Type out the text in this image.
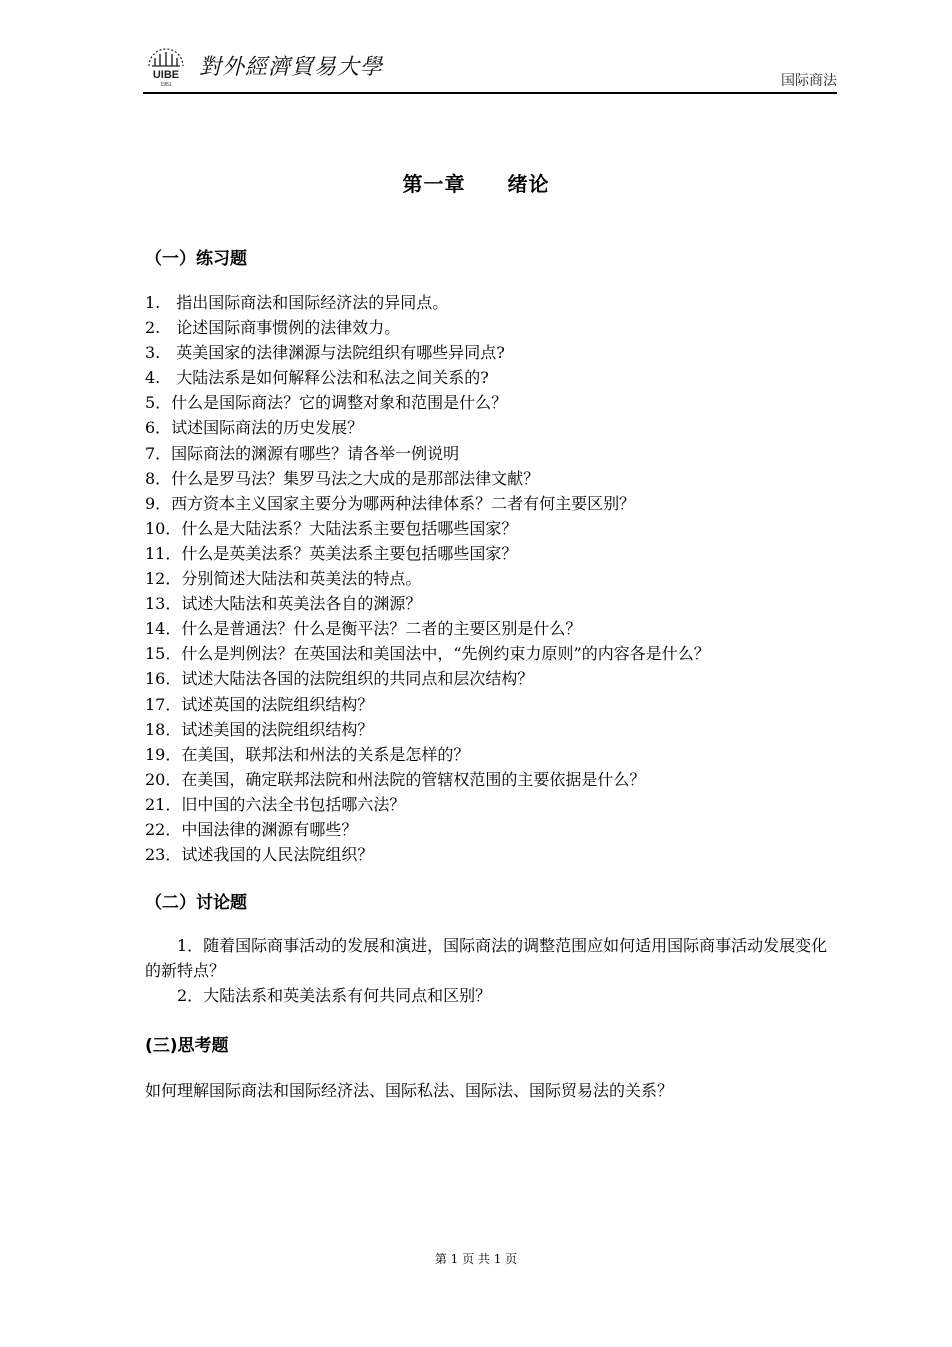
UIBE
1951
對外經濟貿易大學
国际商法
第一章　　绪论
（一）练习题
1.　指出国际商法和国际经济法的异同点。
2.　论述国际商事惯例的法律效力。
3.　英美国家的法律渊源与法院组织有哪些异同点?
4.　大陆法系是如何解释公法和私法之间关系的?
5．什么是国际商法？它的调整对象和范围是什么？
6．试述国际商法的历史发展？
7．国际商法的渊源有哪些？请各举一例说明
8．什么是罗马法？集罗马法之大成的是那部法律文献？
9．西方资本主义国家主要分为哪两种法律体系？二者有何主要区别？
10．什么是大陆法系？大陆法系主要包括哪些国家？
11．什么是英美法系？英美法系主要包括哪些国家？
12．分别简述大陆法和英美法的特点。
13．试述大陆法和英美法各自的渊源？
14．什么是普通法？什么是衡平法？二者的主要区别是什么？
15．什么是判例法？在英国法和美国法中，“先例约束力原则”的内容各是什么？
16．试述大陆法各国的法院组织的共同点和层次结构？
17．试述英国的法院组织结构？
18．试述美国的法院组织结构？
19．在美国，联邦法和州法的关系是怎样的？
20．在美国，确定联邦法院和州法院的管辖权范围的主要依据是什么？
21．旧中国的六法全书包括哪六法？
22．中国法律的渊源有哪些？
23．试述我国的人民法院组织？
（二）讨论题
1．随着国际商事活动的发展和演进，国际商法的调整范围应如何适用国际商事活动发展变化的新特点？
2．大陆法系和英美法系有何共同点和区别？
(三)思考题
如何理解国际商法和国际经济法、国际私法、国际法、国际贸易法的关系？
第 1 页 共 1 页
